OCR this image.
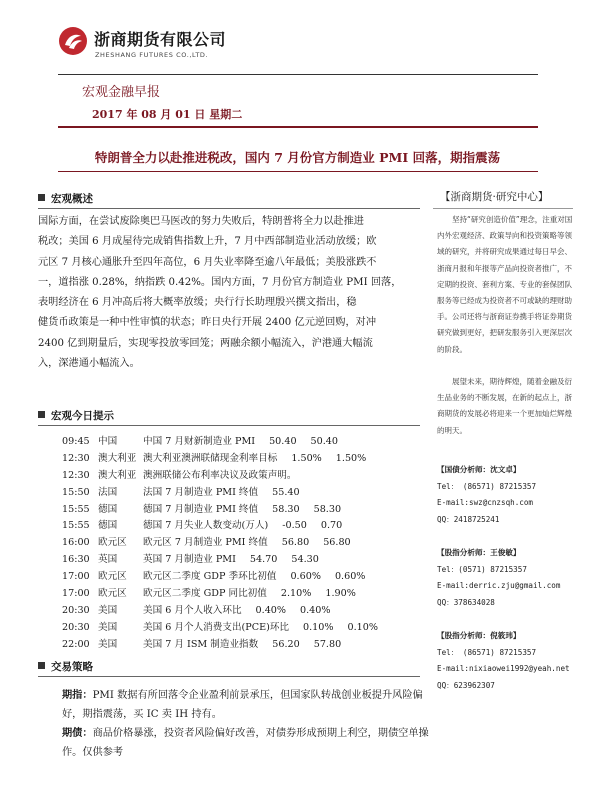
浙商期货有限公司
ZHESHANG FUTURES CO.,LTD.
宏观金融早报
2017 年 08 月 01 日 星期二
特朗普全力以赴推进税改，国内 7 月份官方制造业 PMI 回落，期指震荡
宏观概述
国际方面，在尝试废除奥巴马医改的努力失败后，特朗普将全力以赴推进
税改；美国 6 月成屋待完成销售指数上升，7 月中西部制造业活动放缓；欧
元区 7 月核心通胀升至四年高位，6 月失业率降至逾八年最低；美股涨跌不
一，道指涨 0.28%，纳指跌 0.42%。国内方面，7 月份官方制造业 PMI 回落，
表明经济在 6 月冲高后将大概率放缓；央行行长助理殷兴撰文指出，稳
健货币政策是一种中性审慎的状态；昨日央行开展 2400 亿元逆回购，对冲
2400 亿到期量后，实现零投放零回笼；两融余额小幅流入，沪港通大幅流
入，深港通小幅流入。
宏观今日提示
09:45 中国	中国 7 月财新制造业 PMI 50.40 50.40
12:30 澳大利亚 澳大利亚澳洲联储现金利率目标 1.50% 1.50%
12:30 澳大利亚 澳洲联储公布利率决议及政策声明。
15:50 法国	法国 7 月制造业 PMI 终值 55.40
15:55 德国	德国 7 月制造业 PMI 终值 58.30 58.30
15:55 德国	德国 7 月失业人数变动(万人) -0.50 0.70
16:00 欧元区 欧元区 7 月制造业 PMI 终值 56.80 56.80
16:30 英国	英国 7 月制造业 PMI 54.70 54.30
17:00 欧元区 欧元区二季度 GDP 季环比初值 0.60% 0.60%
17:00 欧元区 欧元区二季度 GDP 同比初值 2.10% 1.90%
20:30 美国	美国 6 月个人收入环比 0.40% 0.40%
20:30 美国	美国 6 月个人消费支出(PCE)环比 0.10% 0.10%
22:00 美国	美国 7 月 ISM 制造业指数 56.20 57.80
交易策略
期指：PMI 数据有所回落令企业盈利前景承压，但国家队转战创业板提升风险偏好，期指震荡，买 IC 卖 IH 持有。
期债：商品价格暴涨，投资者风险偏好改善，对债券形成预期上利空，期债空单操作。仅供参考
【浙商期货·研究中心】
坚持“研究创造价值”理念，注重对国内外宏观经济、政策导向和投资策略等领域的研究，并将研究成果通过每日早会、浙商月报和年报等产品向投资者推广，不定期的投资、套利方案、专业的套保团队服务等已经成为投资者不可或缺的理财助手。公司还将与浙商证券携手将证券期货研究做到更好，把研发服务引入更深层次的阶段。
展望未来，期待辉煌，随着金融及衍生品业务的不断发展，在新的起点上，浙商期货的发展必将迎来一个更加灿烂辉煌的明天。
【国债分析师：沈文卓】
Tel： (86571) 87215357
E-mail:swz@cnzsqh.com
QQ：2418725241
【股指分析师：王俊敏】
Tel：(0571) 87215357
E-mail:derric.zju@gmail.com
QQ：378634028
【股指分析师：倪筱玮】
Tel： (86571) 87215357
E-mail:nixiaowei1992@yeah.net
QQ：623962307
